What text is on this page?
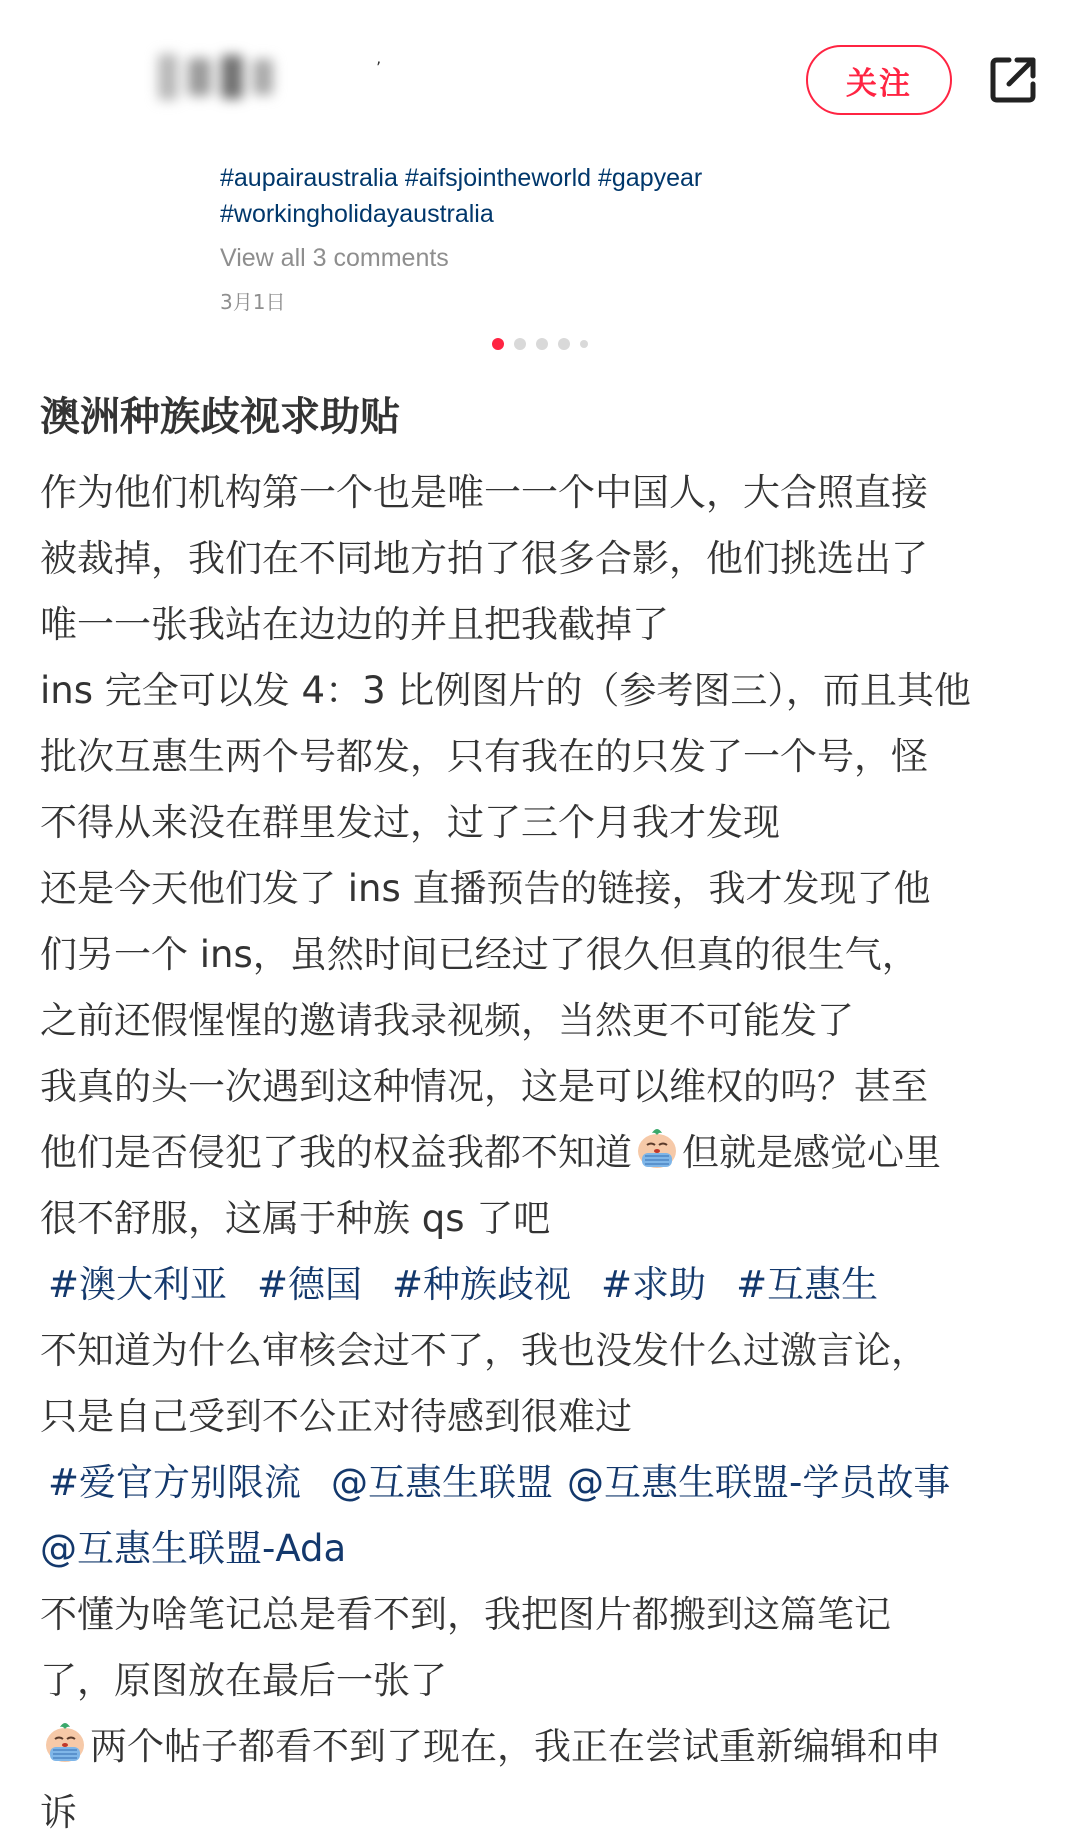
’	关注
#aupairaustralia #aifsjointheworld #gapyear
#workingholidayaustralia
View all 3 comments
3月1日
澳洲种族歧视求助贴
作为他们机构第一个也是唯一一个中国人，大合照直接
被裁掉，我们在不同地方拍了很多合影，他们挑选出了
唯一一张我站在边边的并且把我截掉了
ins 完全可以发 4：3 比例图片的（参考图三），而且其他
批次互惠生两个号都发，只有我在的只发了一个号，怪
不得从来没在群里发过，过了三个月我才发现
还是今天他们发了 ins 直播预告的链接，我才发现了他
们另一个 ins，虽然时间已经过了很久但真的很生气，
之前还假惺惺的邀请我录视频，当然更不可能发了
我真的头一次遇到这种情况，这是可以维权的吗？甚至
他们是否侵犯了我的权益我都不知道 但就是感觉心里
很不舒服，这属于种族 qs 了吧
#澳大利亚 #德国 #种族歧视 #求助 #互惠生
不知道为什么审核会过不了，我也没发什么过激言论，
只是自己受到不公正对待感到很难过
#爱官方别限流 @互惠生联盟 @互惠生联盟-学员故事
@互惠生联盟-Ada
不懂为啥笔记总是看不到，我把图片都搬到这篇笔记
了，原图放在最后一张了
两个帖子都看不到了现在，我正在尝试重新编辑和申
诉
